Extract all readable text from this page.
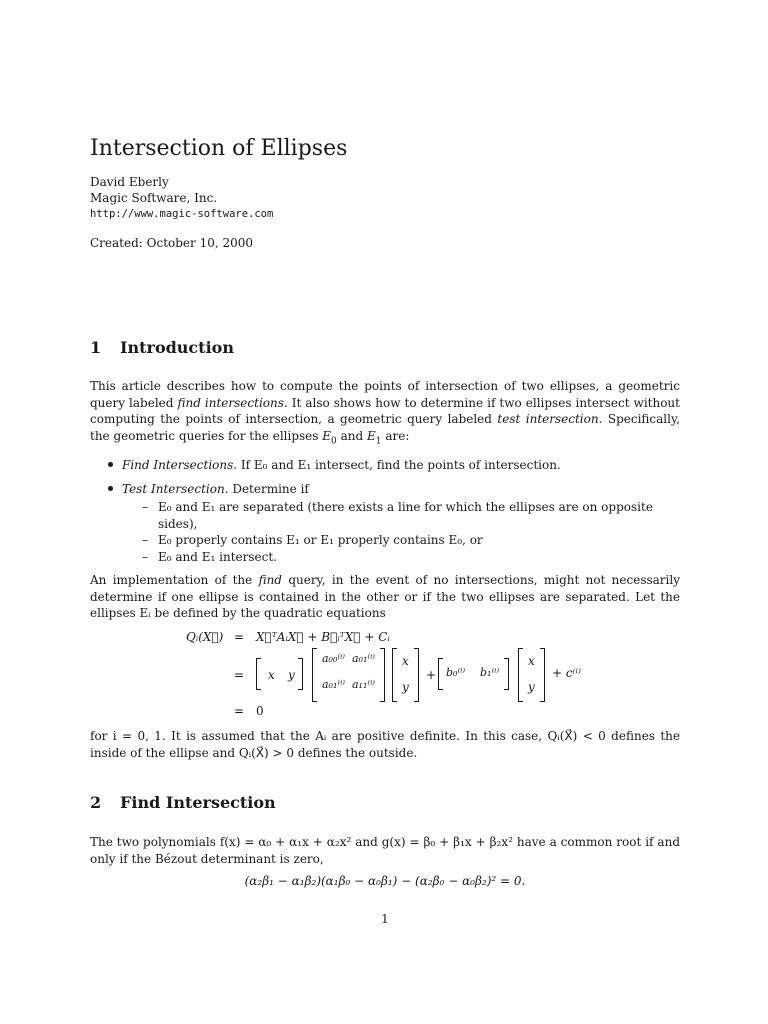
Intersection of Ellipses
David Eberly
Magic Software, Inc.
http://www.magic-software.com
Created: October 10, 2000
1 Introduction
This article describes how to compute the points of intersection of two ellipses, a geometric query labeled find intersections. It also shows how to determine if two ellipses intersect without computing the points of intersection, a geometric query labeled test intersection. Specifically, the geometric queries for the ellipses $E_0$ and $E_1$ are:
Find Intersections. If E₀ and E₁ intersect, find the points of intersection.
Test Intersection. Determine if
– E₀ and E₁ are separated (there exists a line for which the ellipses are on opposite sides),
– E₀ properly contains E₁ or E₁ properly contains E₀, or
– E₀ and E₁ intersect.
An implementation of the find query, in the event of no intersections, might not necessarily determine if one ellipse is contained in the other or if the two ellipses are separated. Let the ellipses Eᵢ be defined by the quadratic equations
Qᵢ(X⃗) = X⃗ᵀAᵢX⃗ + B⃗ᵢᵀX⃗ + Cᵢ
= x y
a₀₀⁽ⁱ⁾ a₀₁⁽ⁱ⁾
a₀₁⁽ⁱ⁾ a₁₁⁽ⁱ⁾
x
y
+ b₀⁽ⁱ⁾ b₁⁽ⁱ⁾
x
y
+ c⁽ⁱ⁾
= 0
for i = 0, 1. It is assumed that the Aᵢ are positive definite. In this case, Qᵢ(X⃗) < 0 defines the inside of the ellipse and Qᵢ(X⃗) > 0 defines the outside.
2 Find Intersection
The two polynomials f(x) = α₀ + α₁x + α₂x² and g(x) = β₀ + β₁x + β₂x² have a common root if and only if the Bézout determinant is zero,
(α₂β₁ − α₁β₂)(α₁β₀ − α₀β₁) − (α₂β₀ − α₀β₂)² = 0.
1
